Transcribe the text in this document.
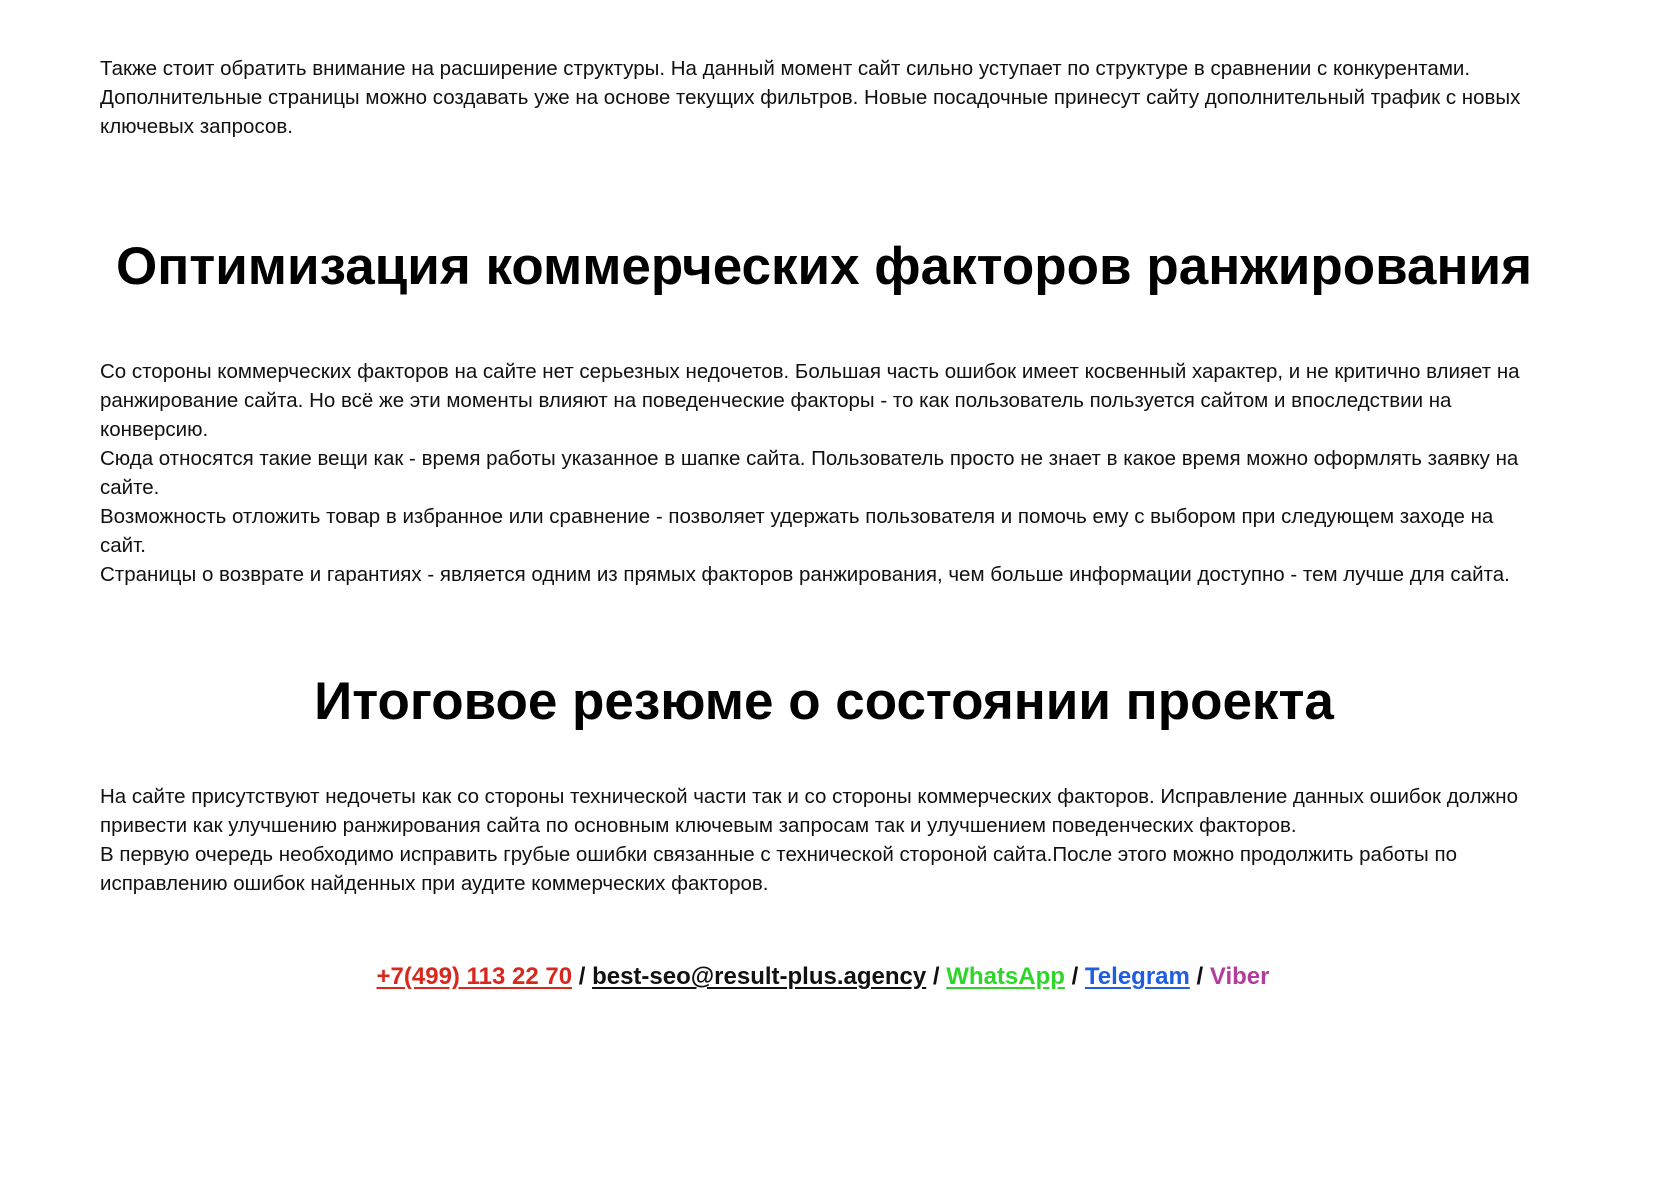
Также стоит обратить внимание на расширение структуры. На данный момент сайт сильно уступает по структуре в сравнении с конкурентами. Дополнительные страницы можно создавать уже на основе текущих фильтров. Новые посадочные принесут сайту дополнительный трафик с новых ключевых запросов.

Оптимизация коммерческих факторов ранжирования

Со стороны коммерческих факторов на сайте нет серьезных недочетов. Большая часть ошибок имеет косвенный характер, и не критично влияет на ранжирование сайта. Но всё же эти моменты влияют на поведенческие факторы - то как пользователь пользуется сайтом и впоследствии на конверсию.

Сюда относятся такие вещи как - время работы указанное в шапке сайта. Пользователь просто не знает в какое время можно оформлять заявку на сайте.

Возможность отложить товар в избранное или сравнение - позволяет удержать пользователя и помочь ему с выбором при следующем заходе на сайт.

Страницы о возврате и гарантиях - является одним из прямых факторов ранжирования, чем больше информации доступно - тем лучше для сайта.

Итоговое резюме о состоянии проекта

На сайте присутствуют недочеты как со стороны технической части так и со стороны коммерческих факторов. Исправление данных ошибок должно привести как улучшению ранжирования сайта по основным ключевым запросам так и улучшением поведенческих факторов.

В первую очередь необходимо исправить грубые ошибки связанные с технической стороной сайта.После этого можно продолжить работы по исправлению ошибок найденных при аудите коммерческих факторов.

+7(499) 113 22 70 / best-seo@result-plus.agency / WhatsApp / Telegram / Viber
